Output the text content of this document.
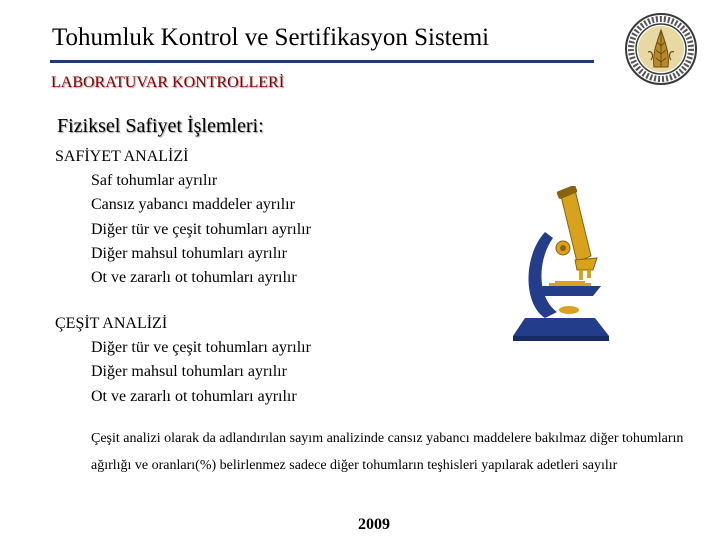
Tohumluk Kontrol ve Sertifikasyon Sistemi
LABORATUVAR KONTROLLERİ
Fiziksel Safiyet İşlemleri:
SAFİYET ANALİZİ
Saf tohumlar ayrılır
Cansız yabancı maddeler ayrılır
Diğer tür ve çeşit tohumları ayrılır
Diğer mahsul tohumları ayrılır
Ot ve zararlı ot tohumları ayrılır
ÇEŞİT ANALİZİ
Diğer tür ve çeşit tohumları ayrılır
Diğer mahsul tohumları ayrılır
Ot ve zararlı ot tohumları ayrılır
Çeşit analizi olarak da adlandırılan sayım analizinde cansız yabancı maddelere bakılmaz diğer tohumların ağırlığı ve oranları(%) belirlenmez sadece diğer tohumların teşhisleri yapılarak adetleri sayılır
2009
